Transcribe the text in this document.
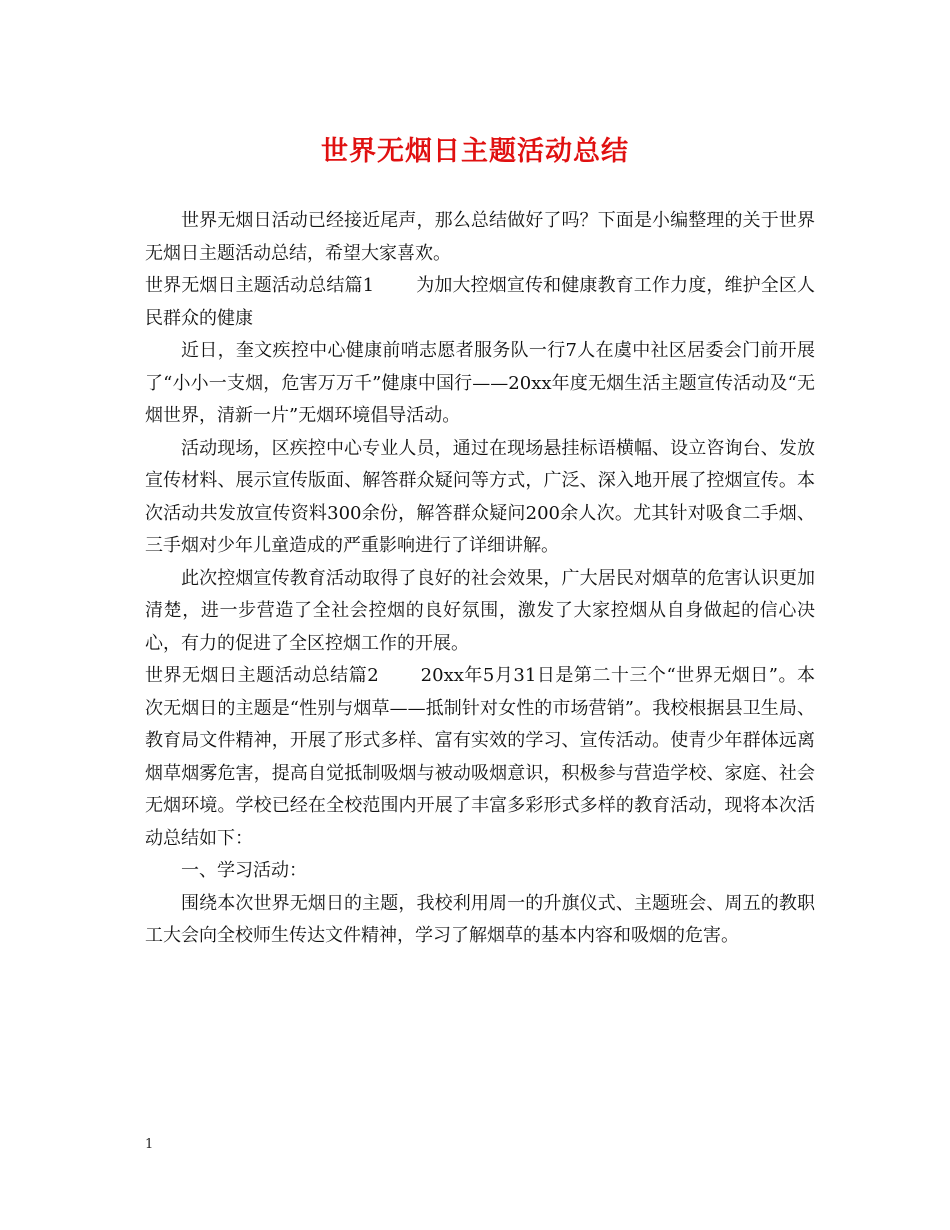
世界无烟日主题活动总结

世界无烟日活动已经接近尾声，那么总结做好了吗？下面是小编整理的关于世界无烟日主题活动总结，希望大家喜欢。

世界无烟日主题活动总结篇1 为加大控烟宣传和健康教育工作力度，维护全区人民群众的健康

近日，奎文疾控中心健康前哨志愿者服务队一行7人在虞中社区居委会门前开展了“小小一支烟，危害万万千”健康中国行——20xx年度无烟生活主题宣传活动及“无烟世界，清新一片”无烟环境倡导活动。

活动现场，区疾控中心专业人员，通过在现场悬挂标语横幅、设立咨询台、发放宣传材料、展示宣传版面、解答群众疑问等方式，广泛、深入地开展了控烟宣传。本次活动共发放宣传资料300余份，解答群众疑问200余人次。尤其针对吸食二手烟、三手烟对少年儿童造成的严重影响进行了详细讲解。

此次控烟宣传教育活动取得了良好的社会效果，广大居民对烟草的危害认识更加清楚，进一步营造了全社会控烟的良好氛围，激发了大家控烟从自身做起的信心决心，有力的促进了全区控烟工作的开展。

世界无烟日主题活动总结篇2 20xx年5月31日是第二十三个“世界无烟日”。本次无烟日的主题是“性别与烟草——抵制针对女性的市场营销”。我校根据县卫生局、教育局文件精神，开展了形式多样、富有实效的学习、宣传活动。使青少年群体远离烟草烟雾危害，提高自觉抵制吸烟与被动吸烟意识，积极参与营造学校、家庭、社会无烟环境。学校已经在全校范围内开展了丰富多彩形式多样的教育活动，现将本次活动总结如下：

一、学习活动：

围绕本次世界无烟日的主题，我校利用周一的升旗仪式、主题班会、周五的教职工大会向全校师生传达文件精神，学习了解烟草的基本内容和吸烟的危害。

1
